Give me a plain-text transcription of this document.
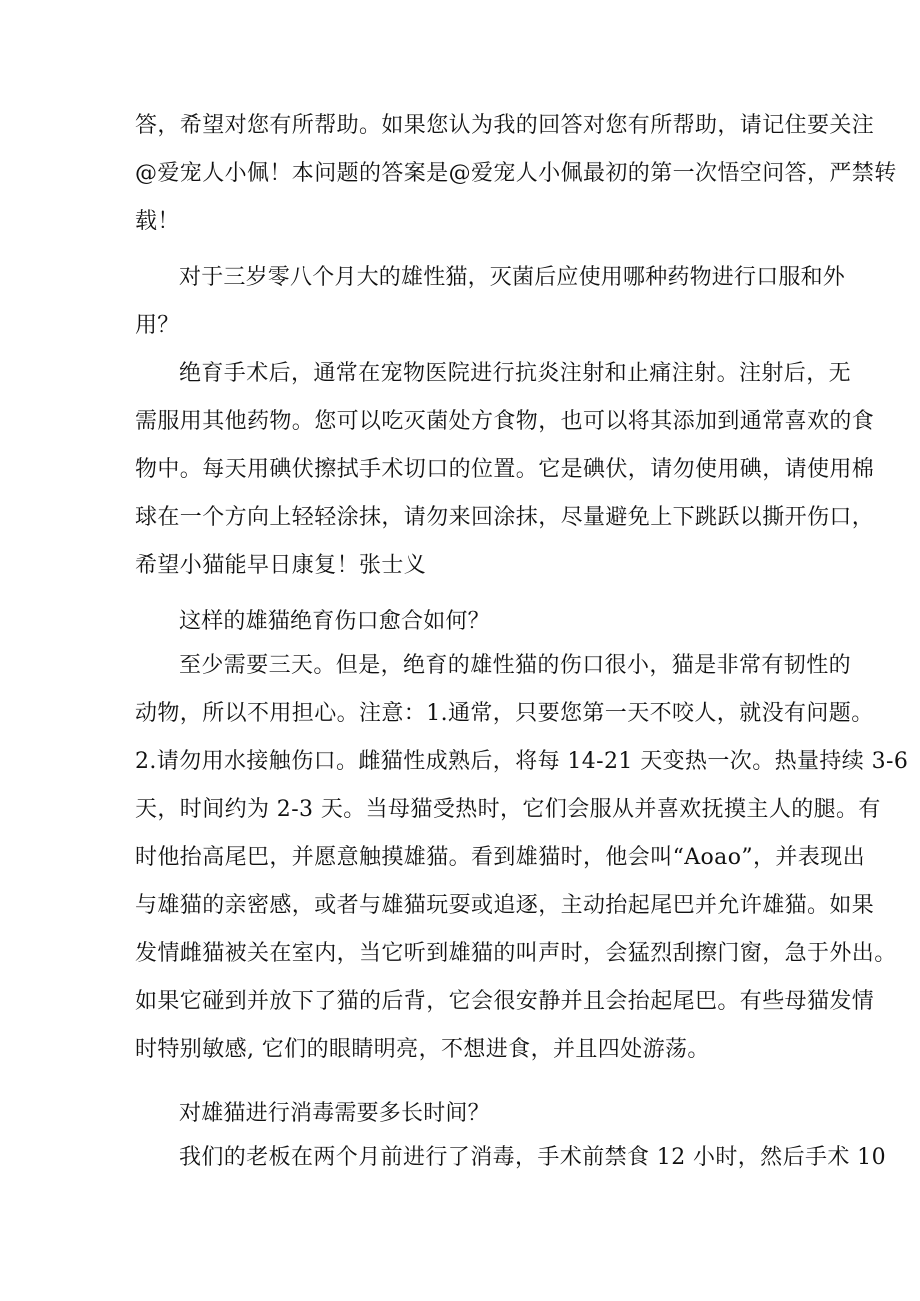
答，希望对您有所帮助。如果您认为我的回答对您有所帮助，请记住要关注
@爱宠人小佩！本问题的答案是@爱宠人小佩最初的第一次悟空问答，严禁转
载！
对于三岁零八个月大的雄性猫，灭菌后应使用哪种药物进行口服和外
用？
绝育手术后，通常在宠物医院进行抗炎注射和止痛注射。注射后，无
需服用其他药物。您可以吃灭菌处方食物，也可以将其添加到通常喜欢的食
物中。每天用碘伏擦拭手术切口的位置。它是碘伏，请勿使用碘，请使用棉
球在一个方向上轻轻涂抹，请勿来回涂抹，尽量避免上下跳跃以撕开伤口，
希望小猫能早日康复！张士义
这样的雄猫绝育伤口愈合如何？
至少需要三天。但是，绝育的雄性猫的伤口很小，猫是非常有韧性的
动物，所以不用担心。注意：1.通常，只要您第一天不咬人，就没有问题。
2.请勿用水接触伤口。雌猫性成熟后，将每 14-21 天变热一次。热量持续 3-6
天，时间约为 2-3 天。当母猫受热时，它们会服从并喜欢抚摸主人的腿。有
时他抬高尾巴，并愿意触摸雄猫。看到雄猫时，他会叫“Aoao”，并表现出
与雄猫的亲密感，或者与雄猫玩耍或追逐，主动抬起尾巴并允许雄猫。如果
发情雌猫被关在室内，当它听到雄猫的叫声时，会猛烈刮擦门窗，急于外出。
如果它碰到并放下了猫的后背，它会很安静并且会抬起尾巴。有些母猫发情
时特别敏感, 它们的眼睛明亮，不想进食，并且四处游荡。
对雄猫进行消毒需要多长时间？
我们的老板在两个月前进行了消毒，手术前禁食 12 小时，然后手术 10
